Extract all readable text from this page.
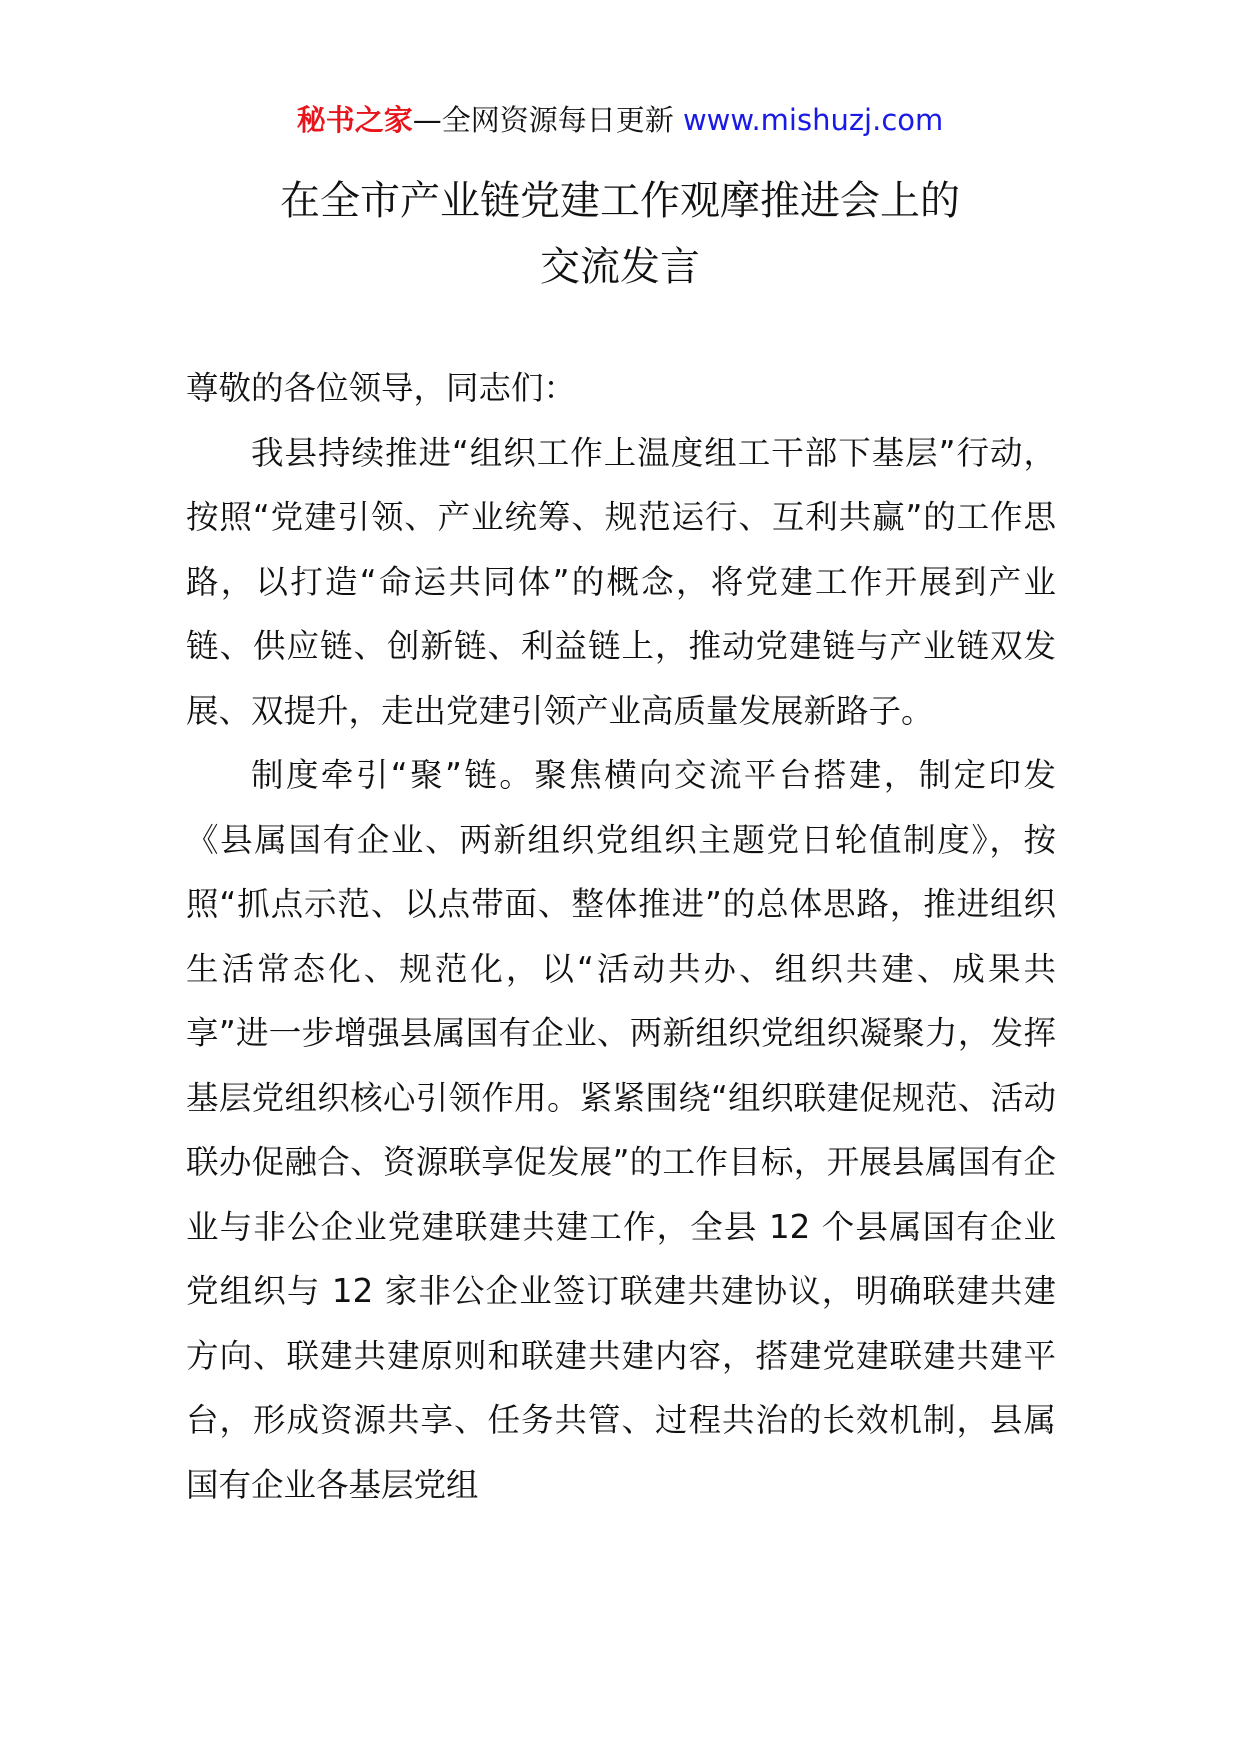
秘书之家—全网资源每日更新 www.mishuzj.com
在全市产业链党建工作观摩推进会上的
交流发言

尊敬的各位领导，同志们：

我县持续推进“组织工作上温度组工干部下基层”行动，按照“党建引领、产业统筹、规范运行、互利共赢”的工作思路，以打造“命运共同体”的概念，将党建工作开展到产业链、供应链、创新链、利益链上，推动党建链与产业链双发展、双提升，走出党建引领产业高质量发展新路子。

制度牵引“聚”链。聚焦横向交流平台搭建，制定印发《县属国有企业、两新组织党组织主题党日轮值制度》，按照“抓点示范、以点带面、整体推进”的总体思路，推进组织生活常态化、规范化，以“活动共办、组织共建、成果共享”进一步增强县属国有企业、两新组织党组织凝聚力，发挥基层党组织核心引领作用。紧紧围绕“组织联建促规范、活动联办促融合、资源联享促发展”的工作目标，开展县属国有企业与非公企业党建联建共建工作，全县 12 个县属国有企业党组织与 12 家非公企业签订联建共建协议，明确联建共建方向、联建共建原则和联建共建内容，搭建党建联建共建平台，形成资源共享、任务共管、过程共治的长效机制，县属国有企业各基层党组
